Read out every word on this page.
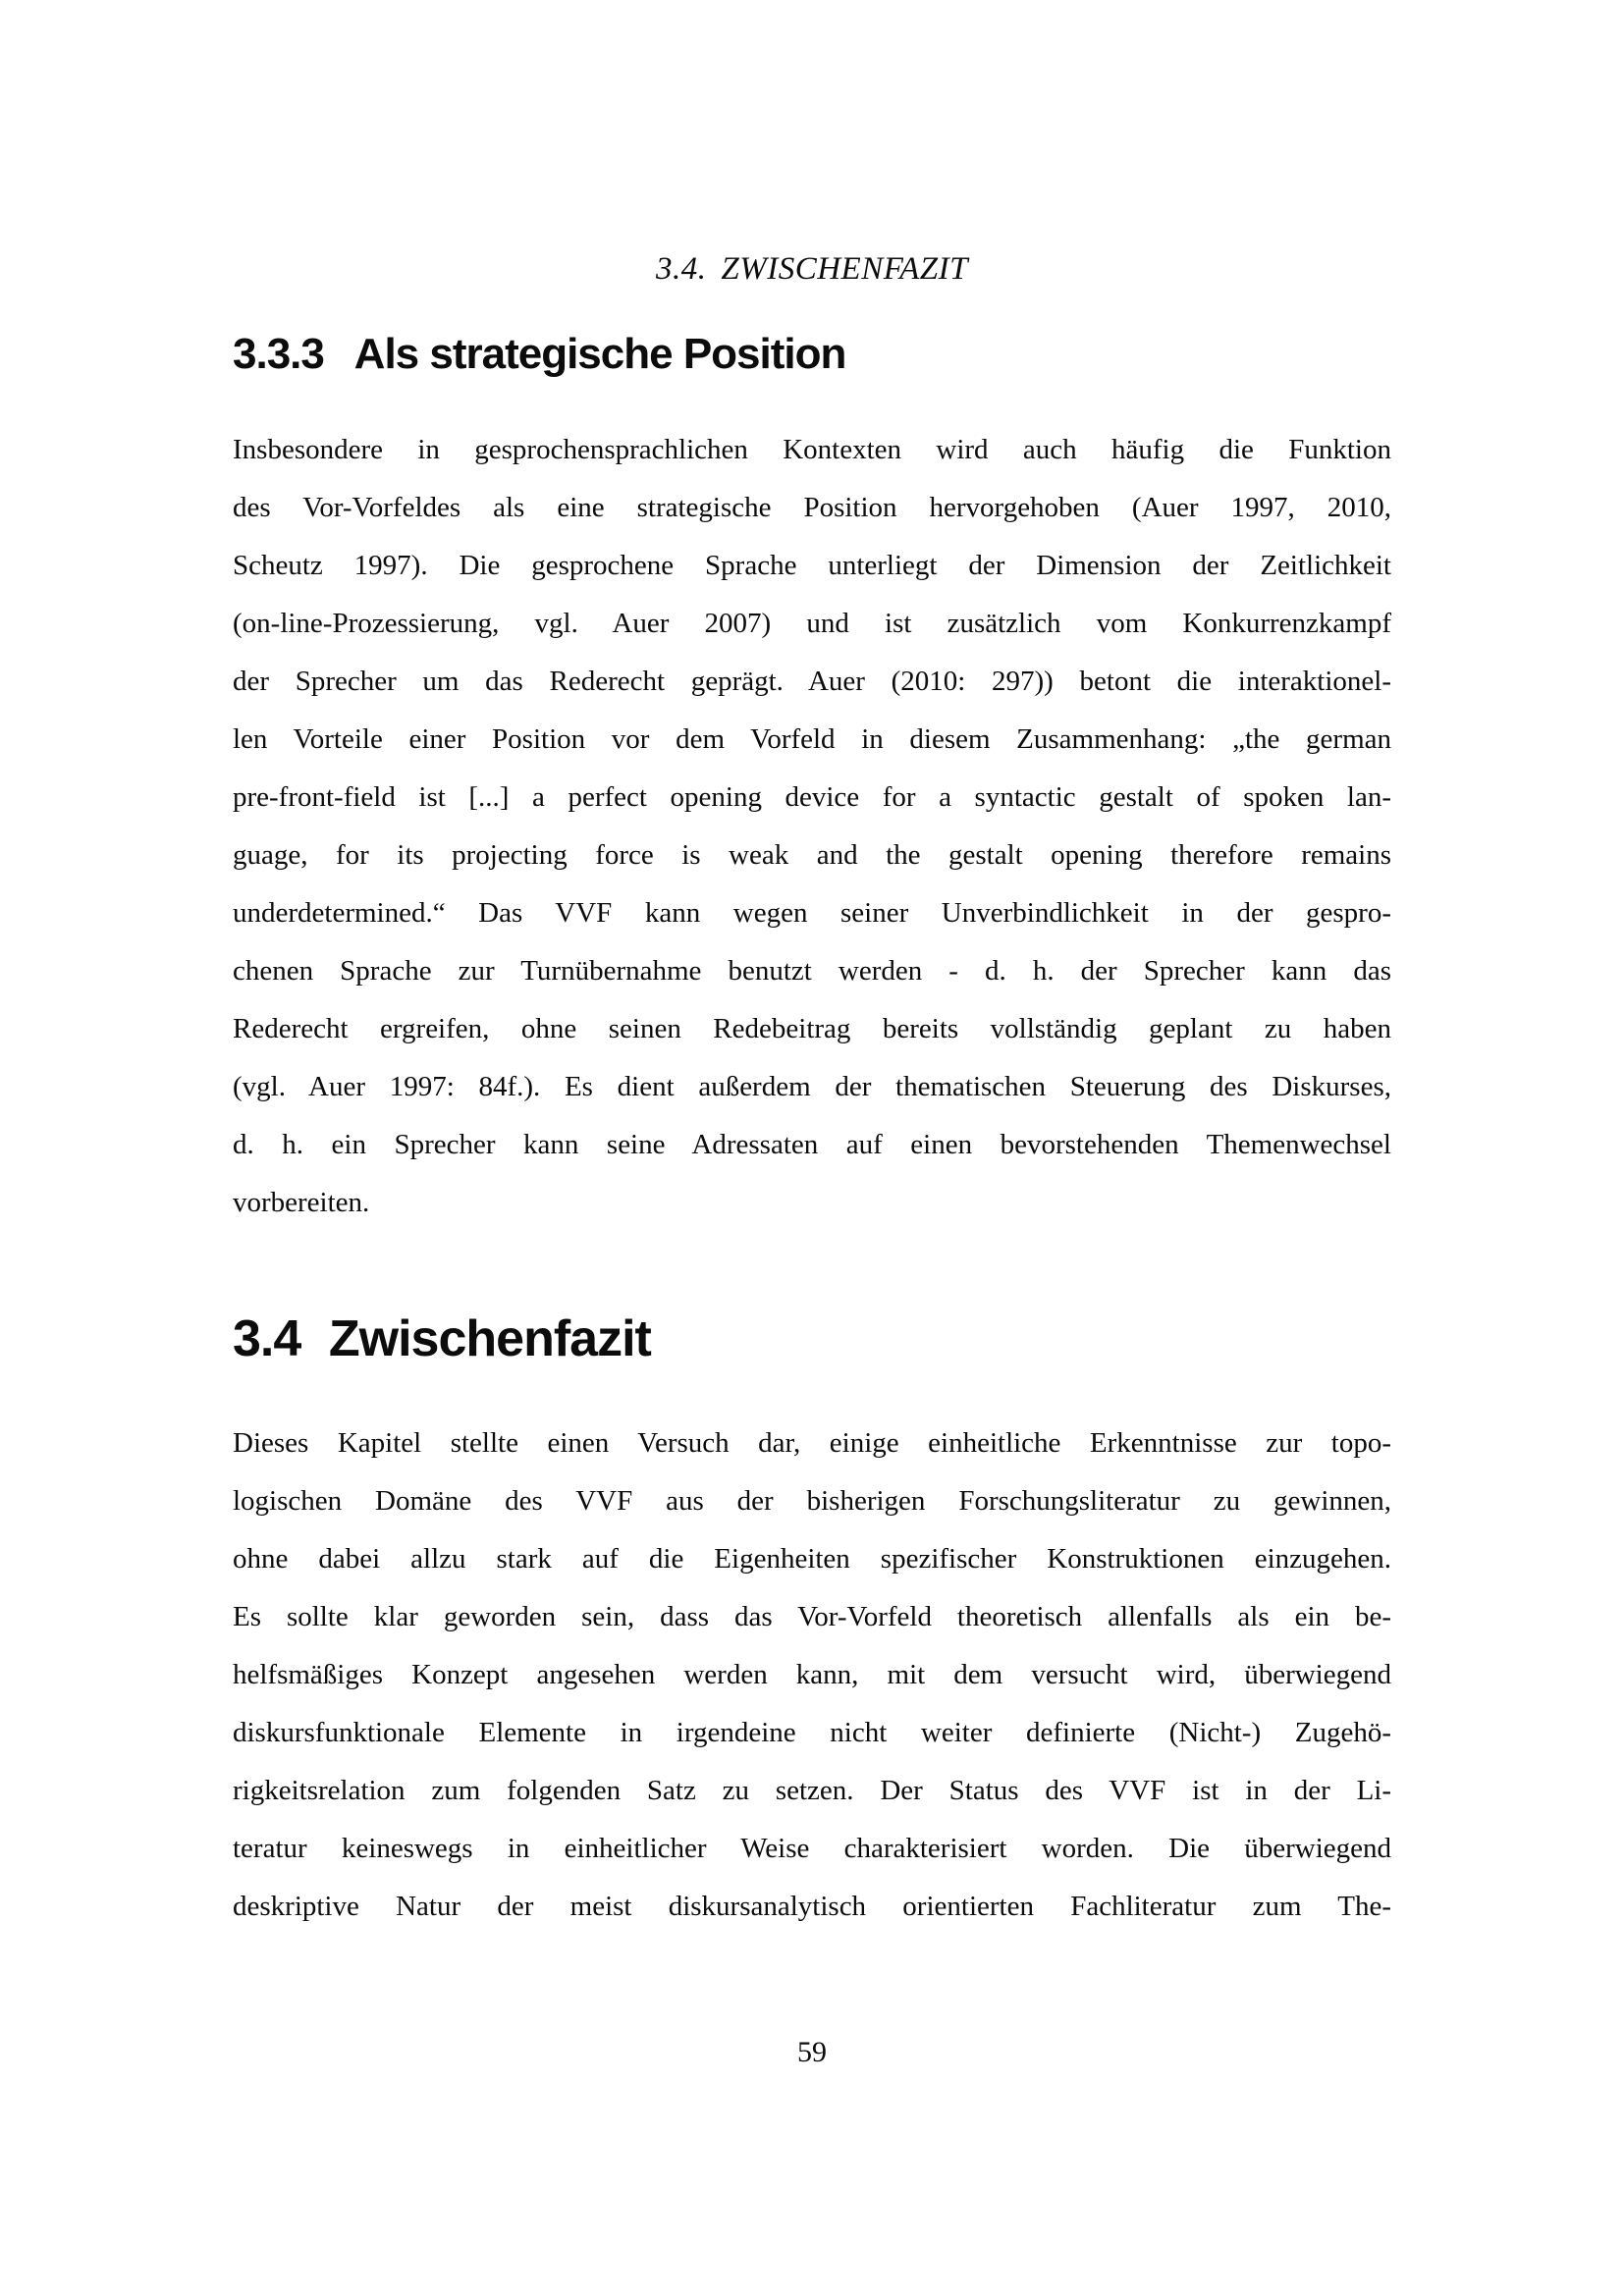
3.4. ZWISCHENFAZIT
3.3.3 Als strategische Position
Insbesondere in gesprochensprachlichen Kontexten wird auch häufig die Funktion
des Vor-Vorfeldes als eine strategische Position hervorgehoben (Auer 1997, 2010,
Scheutz 1997). Die gesprochene Sprache unterliegt der Dimension der Zeitlichkeit
(on-line-Prozessierung, vgl. Auer 2007) und ist zusätzlich vom Konkurrenzkampf
der Sprecher um das Rederecht geprägt. Auer (2010: 297)) betont die interaktionel-
len Vorteile einer Position vor dem Vorfeld in diesem Zusammenhang: „the german
pre-front-field ist [...] a perfect opening device for a syntactic gestalt of spoken lan-
guage, for its projecting force is weak and the gestalt opening therefore remains
underdetermined.“ Das VVF kann wegen seiner Unverbindlichkeit in der gespro-
chenen Sprache zur Turnübernahme benutzt werden - d. h. der Sprecher kann das
Rederecht ergreifen, ohne seinen Redebeitrag bereits vollständig geplant zu haben
(vgl. Auer 1997: 84f.). Es dient außerdem der thematischen Steuerung des Diskurses,
d. h. ein Sprecher kann seine Adressaten auf einen bevorstehenden Themenwechsel
vorbereiten.
3.4 Zwischenfazit
Dieses Kapitel stellte einen Versuch dar, einige einheitliche Erkenntnisse zur topo-
logischen Domäne des VVF aus der bisherigen Forschungsliteratur zu gewinnen,
ohne dabei allzu stark auf die Eigenheiten spezifischer Konstruktionen einzugehen.
Es sollte klar geworden sein, dass das Vor-Vorfeld theoretisch allenfalls als ein be-
helfsmäßiges Konzept angesehen werden kann, mit dem versucht wird, überwiegend
diskursfunktionale Elemente in irgendeine nicht weiter definierte (Nicht-) Zugehö-
rigkeitsrelation zum folgenden Satz zu setzen. Der Status des VVF ist in der Li-
teratur keineswegs in einheitlicher Weise charakterisiert worden. Die überwiegend
deskriptive Natur der meist diskursanalytisch orientierten Fachliteratur zum The-
59
